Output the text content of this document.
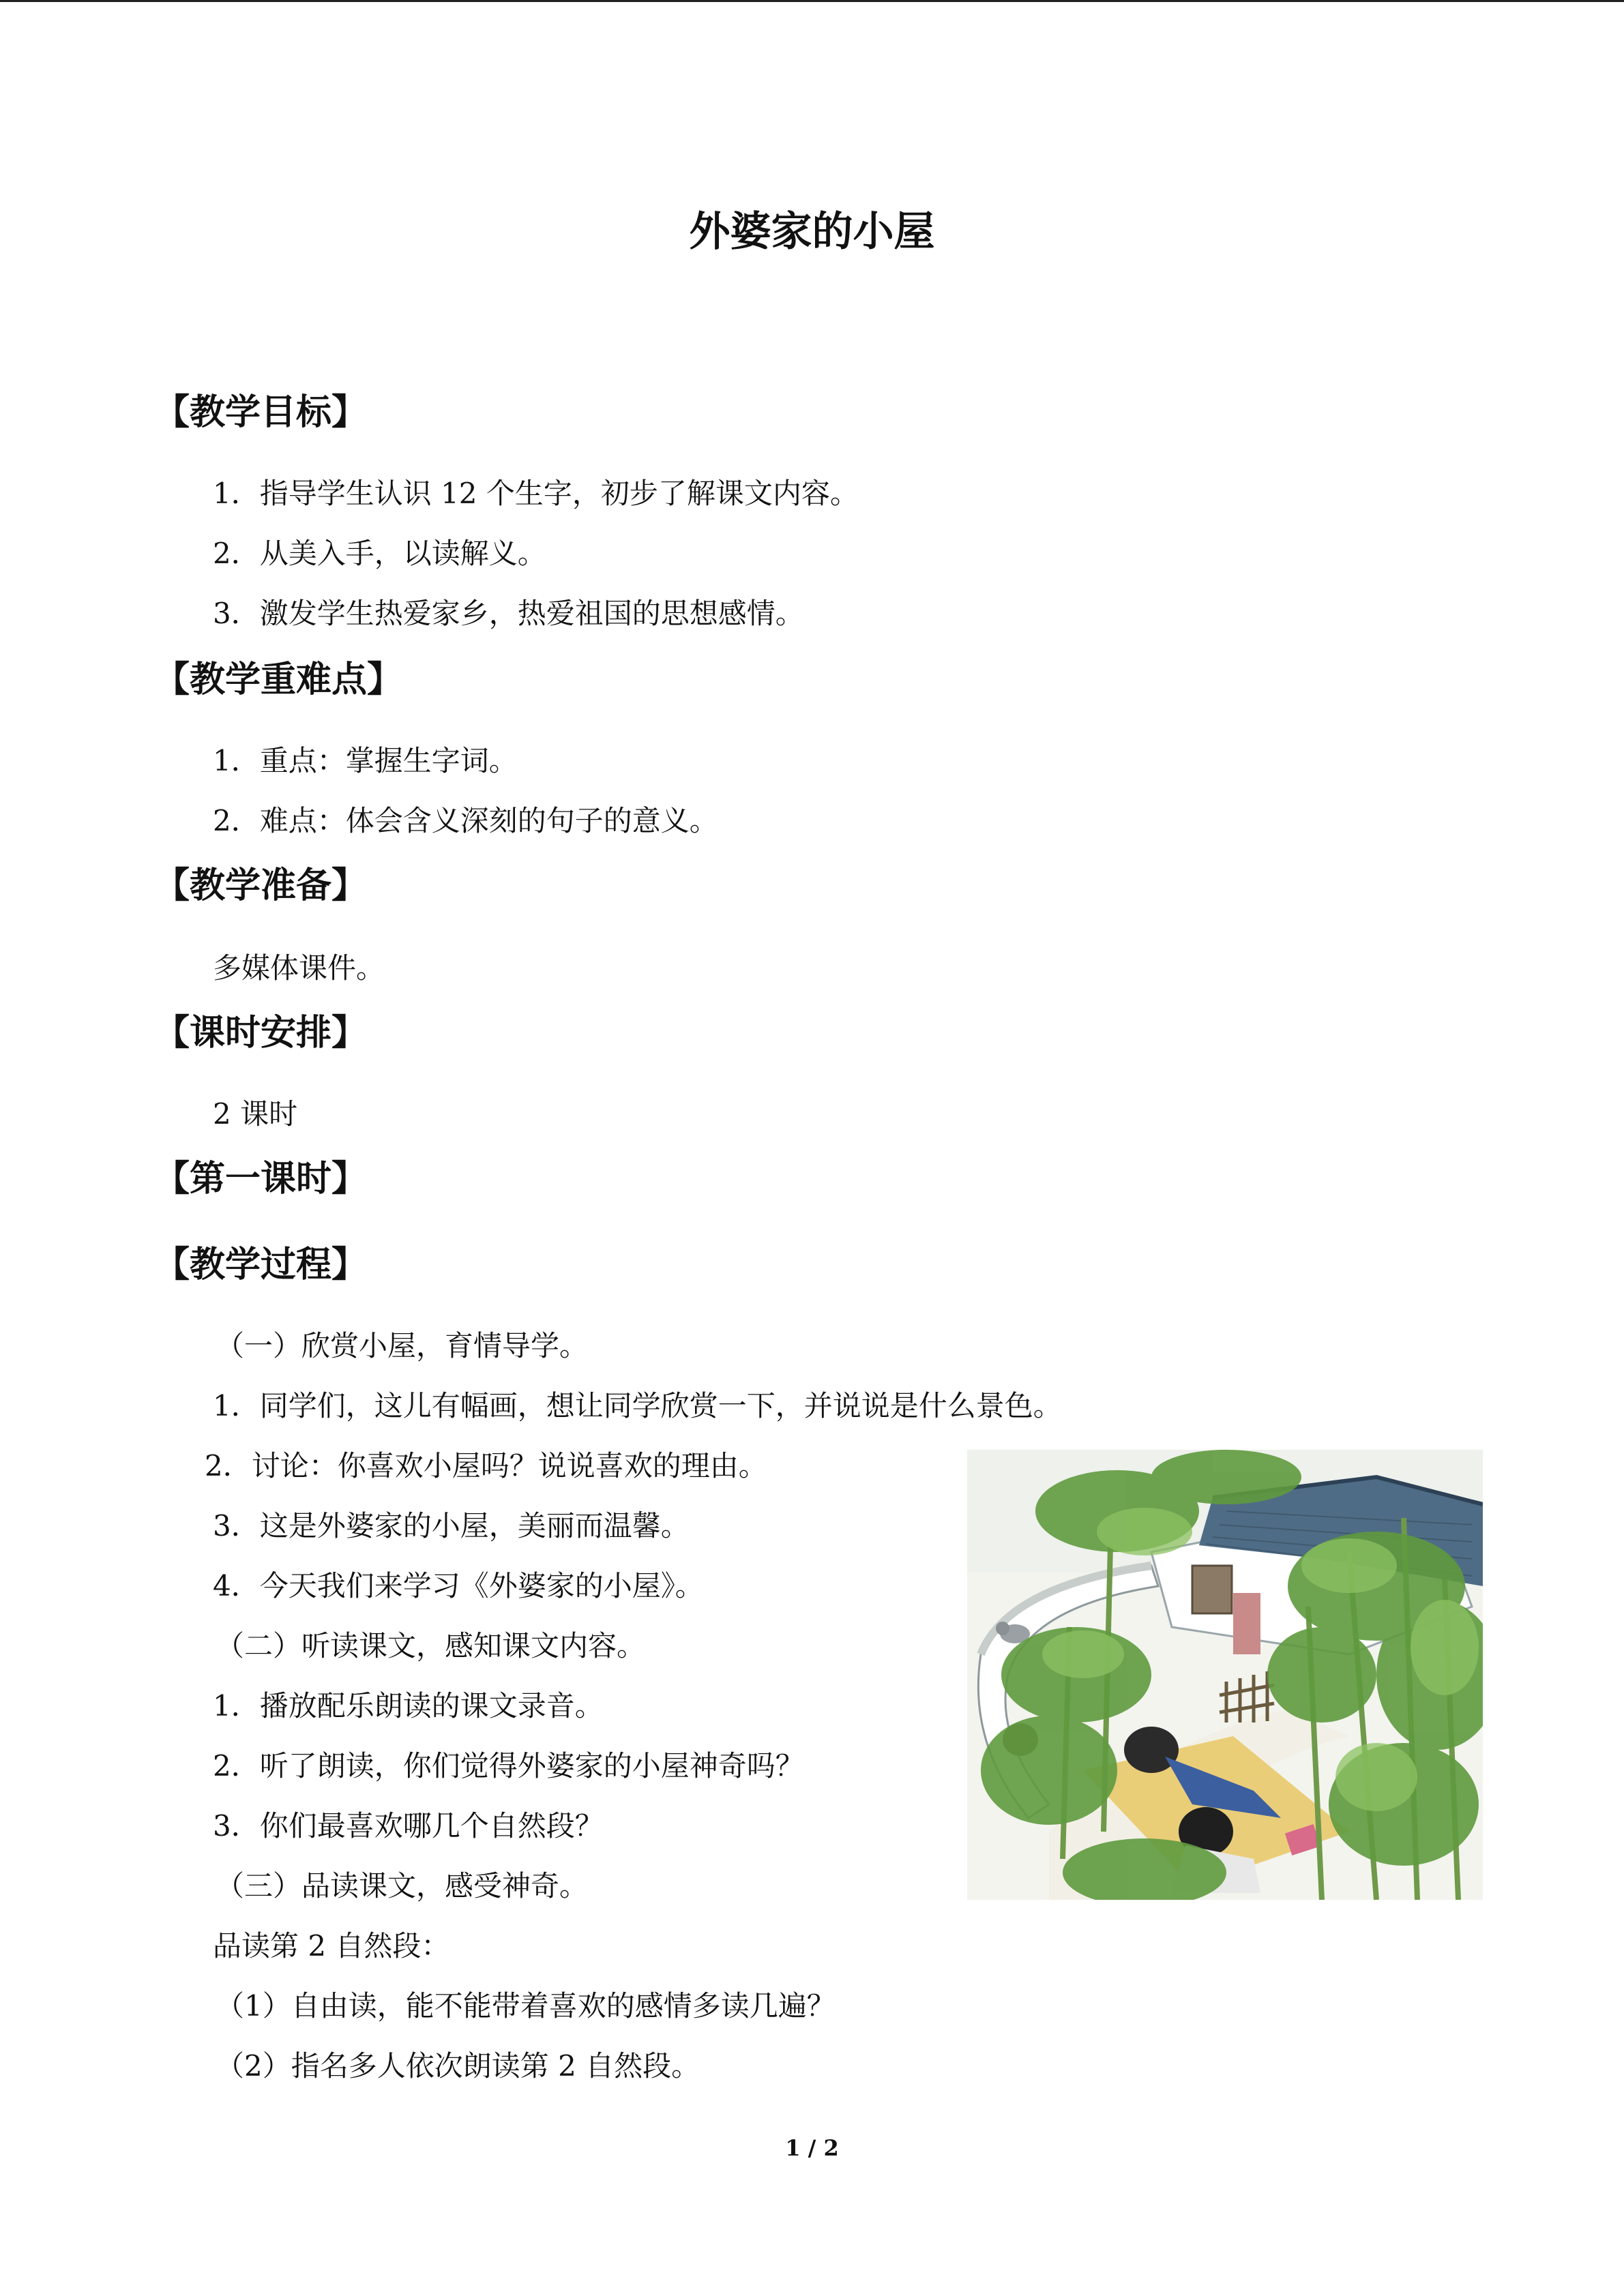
外婆家的小屋
【教学目标】
1．指导学生认识 12 个生字，初步了解课文内容。
2．从美入手，以读解义。
3．激发学生热爱家乡，热爱祖国的思想感情。
【教学重难点】
1．重点：掌握生字词。
2．难点：体会含义深刻的句子的意义。
【教学准备】
多媒体课件。
【课时安排】
2 课时
【第一课时】
【教学过程】
（一）欣赏小屋，育情导学。
1．同学们，这儿有幅画，想让同学欣赏一下，并说说是什么景色。
2．讨论：你喜欢小屋吗？说说喜欢的理由。
3．这是外婆家的小屋，美丽而温馨。
4．今天我们来学习《外婆家的小屋》。
（二）听读课文，感知课文内容。
1．播放配乐朗读的课文录音。
2．听了朗读，你们觉得外婆家的小屋神奇吗？
3．你们最喜欢哪几个自然段？
（三）品读课文，感受神奇。
品读第 2 自然段：
（1）自由读，能不能带着喜欢的感情多读几遍？
（2）指名多人依次朗读第 2 自然段。
1 / 2
